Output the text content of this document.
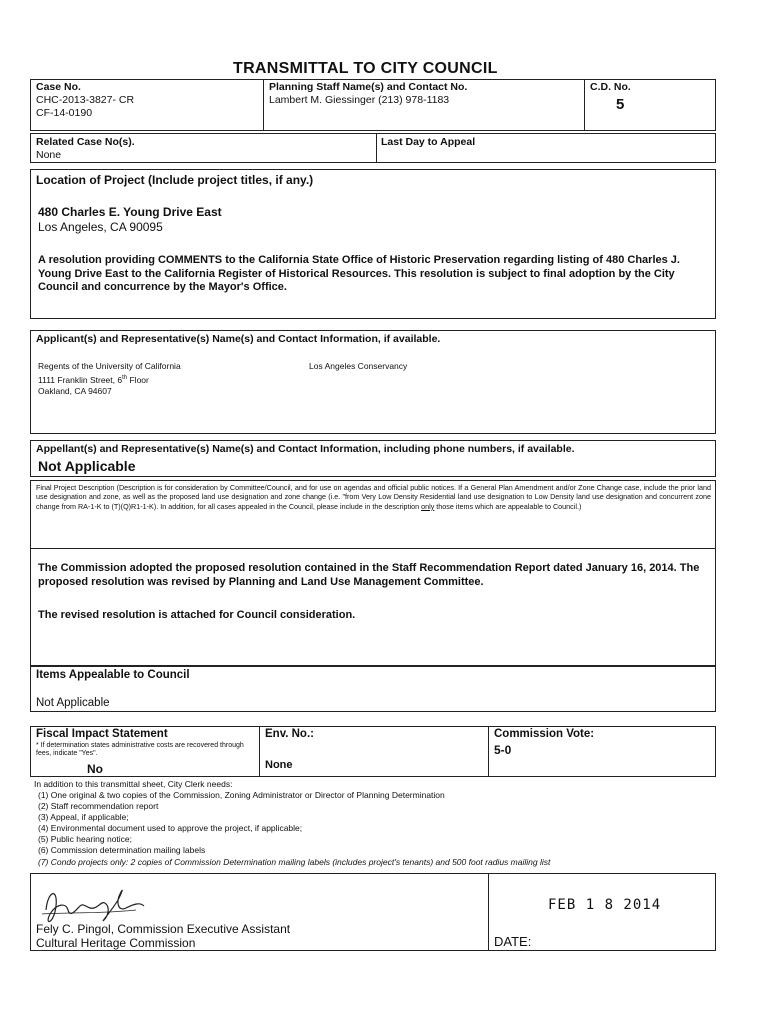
TRANSMITTAL TO CITY COUNCIL
Case No.
CHC-2013-3827- CR
CF-14-0190
Planning Staff Name(s) and Contact No.
Lambert M. Giessinger (213) 978-1183
C.D. No.
5
Related Case No(s).
None
Last Day to Appeal
Location of Project (Include project titles, if any.)
480 Charles E. Young Drive East
Los Angeles, CA 90095
A resolution providing COMMENTS to the California State Office of Historic Preservation regarding listing of 480 Charles J. Young Drive East to the California Register of Historical Resources. This resolution is subject to final adoption by the City Council and concurrence by the Mayor's Office.
Applicant(s) and Representative(s) Name(s) and Contact Information, if available.
Regents of the University of California
1111 Franklin Street, 6th Floor
Oakland, CA 94607
Los Angeles Conservancy
Appellant(s) and Representative(s) Name(s) and Contact Information, including phone numbers, if available.
Not Applicable
Final Project Description (Description is for consideration by Committee/Council, and for use on agendas and official public notices. If a General Plan Amendment and/or Zone Change case, include the prior land use designation and zone, as well as the proposed land use designation and zone change (i.e. "from Very Low Density Residential land use designation to Low Density land use designation and concurrent zone change from RA-1-K to (T)(Q)R1-1-K). In addition, for all cases appealed in the Council, please include in the description only those items which are appealable to Council.)
The Commission adopted the proposed resolution contained in the Staff Recommendation Report dated January 16, 2014. The proposed resolution was revised by Planning and Land Use Management Committee.
The revised resolution is attached for Council consideration.
Items Appealable to Council
Not Applicable
Fiscal Impact Statement
* If determination states administrative costs are recovered through fees, indicate "Yes".
No
Env. No.:
None
Commission Vote:
5-0
In addition to this transmittal sheet, City Clerk needs:
(1) One original & two copies of the Commission, Zoning Administrator or Director of Planning Determination
(2) Staff recommendation report
(3) Appeal, if applicable;
(4) Environmental document used to approve the project, if applicable;
(5) Public hearing notice;
(6) Commission determination mailing labels
(7) Condo projects only: 2 copies of Commission Determination mailing labels (includes project's tenants) and 500 foot radius mailing list
Fely C. Pingol, Commission Executive Assistant
Cultural Heritage Commission
FEB 1 8 2014
DATE:
